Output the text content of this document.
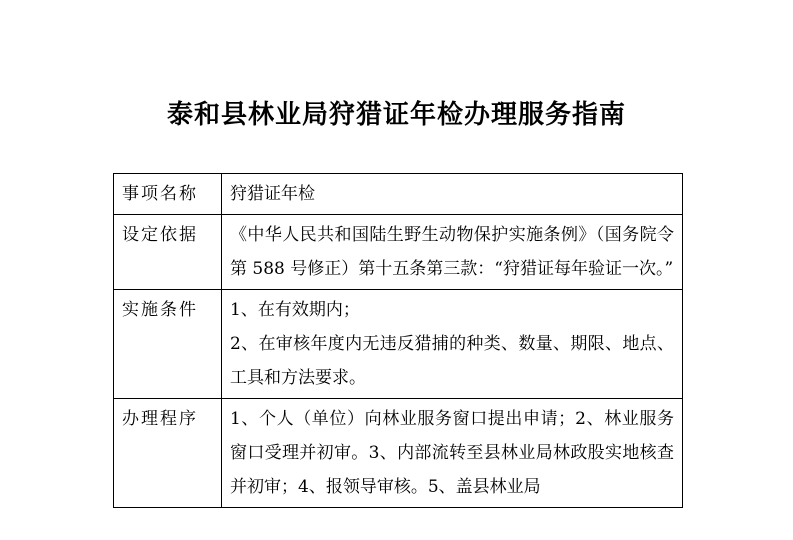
泰和县林业局狩猎证年检办理服务指南
事项名称	狩猎证年检

设定依据	《中华人民共和国陆生野生动物保护实施条例》（国务院令第 588 号修正）第十五条第三款：“狩猎证每年验证一次。”

实施条件	1、在有效期内；
2、在审核年度内无违反猎捕的种类、数量、期限、地点、工具和方法要求。

办理程序	1、个人（单位）向林业服务窗口提出申请；2、林业服务窗口受理并初审。3、内部流转至县林业局林政股实地核查并初审；4、报领导审核。5、盖县林业局
